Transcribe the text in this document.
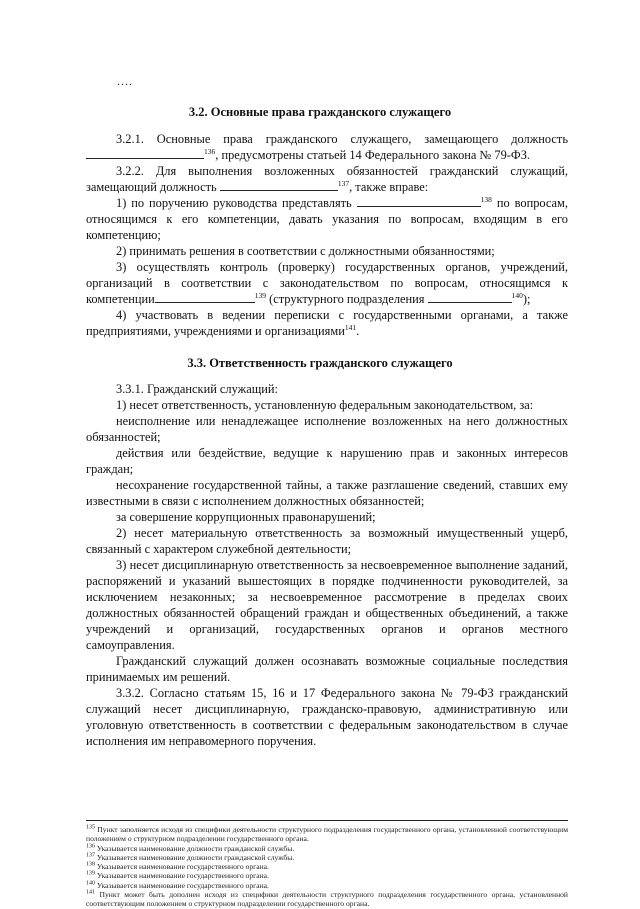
....
3.2. Основные права гражданского служащего

3.2.1. Основные права гражданского служащего, замещающего должность $^{136}$, предусмотрены статьей 14 Федерального закона № 79-ФЗ.

3.2.2. Для выполнения возложенных обязанностей гражданский служащий, замещающий должность	$^{137}$, также вправе:

1) по поручению руководства представлять	$^{138}$ по вопросам, относящимся к его компетенции, давать указания по вопросам, входящим в его компетенцию;

2) принимать решения в соответствии с должностными обязанностями;

3) осуществлять контроль (проверку) государственных органов, учреждений, организаций в соответствии с законодательством по вопросам, относящимся к компетенции	$^{139}$ (структурного подразделения	$^{140}$);

4) участвовать в ведении переписки с государственными органами, а также предприятиями, учреждениями и организациями$^{141}$.

3.3. Ответственность гражданского служащего

3.3.1. Гражданский служащий:

1) несет ответственность, установленную федеральным законодательством, за:

неисполнение или ненадлежащее исполнение возложенных на него должностных обязанностей;

действия или бездействие, ведущие к нарушению прав и законных интересов граждан;

несохранение государственной тайны, а также разглашение сведений, ставших ему известными в связи с исполнением должностных обязанностей;

за совершение коррупционных правонарушений;

2) несет материальную ответственность за возможный имущественный ущерб, связанный с характером служебной деятельности;

3) несет дисциплинарную ответственность за несвоевременное выполнение заданий, распоряжений и указаний вышестоящих в порядке подчиненности руководителей, за исключением незаконных; за несвоевременное рассмотрение в пределах своих должностных обязанностей обращений граждан и общественных объединений, а также учреждений и организаций, государственных органов и органов местного самоуправления.

Гражданский служащий должен осознавать возможные социальные последствия принимаемых им решений.

3.3.2. Согласно статьям 15, 16 и 17 Федерального закона № 79-ФЗ гражданский служащий несет дисциплинарную, гражданско-правовую, административную или уголовную ответственность в соответствии с федеральным законодательством в случае исполнения им неправомерного поручения.

$^{135}$ Пункт заполняется исходя из специфики деятельности структурного подразделения государственного органа, установленной соответствующим положением о структурном подразделении государственного органа.
$^{136}$ Указывается наименование должности гражданской службы.
$^{137}$ Указывается наименование должности гражданской службы.
$^{138}$ Указывается наименование государственного органа.
$^{139}$ Указывается наименование государственного органа.
$^{140}$ Указывается наименование государственного органа.
$^{141}$ Пункт может быть дополнен исходя из специфики деятельности структурного подразделения государственного органа, установленной соответствующим положением о структурном подразделении государственного органа.
